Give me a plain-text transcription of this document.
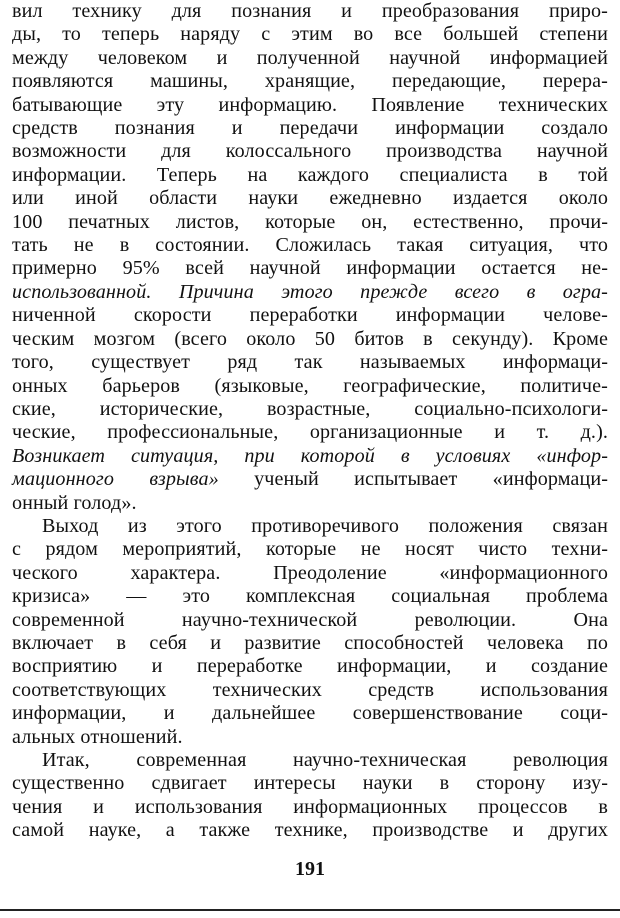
вил технику для познания и преобразования приро-
ды, то теперь наряду с этим во все большей степени
между человеком и полученной научной информацией
появляются машины, хранящие, передающие, перера-
батывающие эту информацию. Появление технических
средств познания и передачи информации создало
возможности для колоссального производства научной
информации. Теперь на каждого специалиста в той
или иной области науки ежедневно издается около
100 печатных листов, которые он, естественно, прочи-
тать не в состоянии. Сложилась такая ситуация, что
примерно 95% всей научной информации остается не-
использованной. Причина этого прежде всего в огра-
ниченной скорости переработки информации челове-
ческим мозгом (всего около 50 битов в секунду). Кроме
того, существует ряд так называемых информаци-
онных барьеров (языковые, географические, политиче-
ские, исторические, возрастные, социально-психологи-
ческие, профессиональные, организационные и т. д.).
Возникает ситуация, при которой в условиях «инфор-
мационного взрыва» ученый испытывает «информаци-
онный голод».
Выход из этого противоречивого положения связан
с рядом мероприятий, которые не носят чисто техни-
ческого характера. Преодоление «информационного
кризиса» — это комплексная социальная проблема
современной научно-технической революции. Она
включает в себя и развитие способностей человека по
восприятию и переработке информации, и создание
соответствующих технических средств использования
информации, и дальнейшее совершенствование соци-
альных отношений.
Итак, современная научно-техническая революция
существенно сдвигает интересы науки в сторону изу-
чения и использования информационных процессов в
самой науке, а также технике, производстве и других
191
